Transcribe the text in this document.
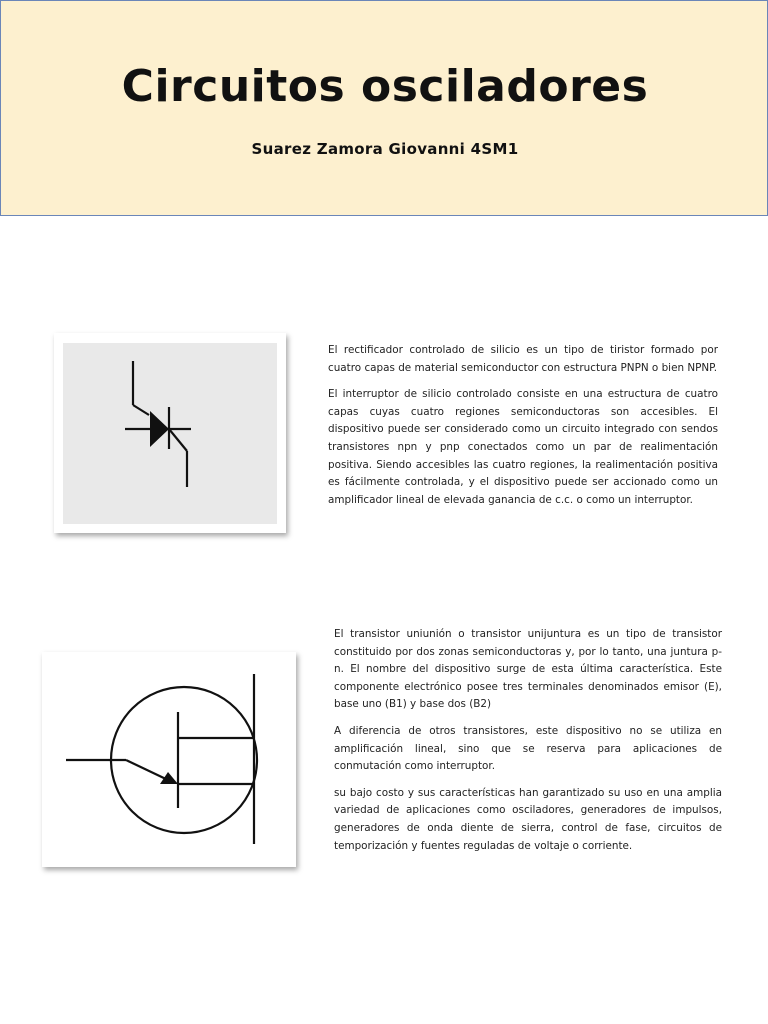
Circuitos osciladores
Suarez Zamora Giovanni 4SM1

El rectificador controlado de silicio es un tipo de tiristor formado por cuatro capas de material semiconductor con estructura PNPN o bien NPNP.

El interruptor de silicio controlado consiste en una estructura de cuatro capas cuyas cuatro regiones semiconductoras son accesibles. El dispositivo puede ser considerado como un circuito integrado con sendos transistores npn y pnp conectados como un par de realimentación positiva. Siendo accesibles las cuatro regiones, la realimentación positiva es fácilmente controlada, y el dispositivo puede ser accionado como un amplificador lineal de elevada ganancia de c.c. o como un interruptor.

El transistor uniunión o transistor unijuntura es un tipo de transistor constituido por dos zonas semiconductoras y, por lo tanto, una juntura p-n. El nombre del dispositivo surge de esta última característica. Este componente electrónico posee tres terminales denominados emisor (E), base uno (B1) y base dos (B2)

A diferencia de otros transistores, este dispositivo no se utiliza en amplificación lineal, sino que se reserva para aplicaciones de conmutación como interruptor.

su bajo costo y sus características han garantizado su uso en una amplia variedad de aplicaciones como osciladores, generadores de impulsos, generadores de onda diente de sierra, control de fase, circuitos de temporización y fuentes reguladas de voltaje o corriente.
